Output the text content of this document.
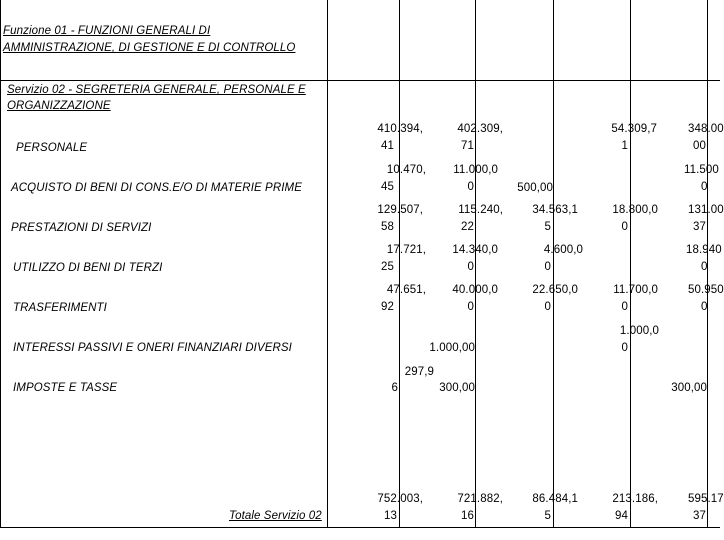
Funzione 01 - FUNZIONI GENERALI DI
AMMINISTRAZIONE, DI GESTIONE E DI CONTROLLO
Servizio 02 - SEGRETERIA GENERALE, PERSONALE E
ORGANIZZAZIONE
PERSONALE
ACQUISTO DI BENI DI CONS.E/O DI MATERIE PRIME
PRESTAZIONI DI SERVIZI
UTILIZZO DI BENI DI TERZI
TRASFERIMENTI
INTERESSI PASSIVI E ONERI FINANZIARI DIVERSI
IMPOSTE E TASSE
Totale Servizio 02
410.394,
41
10.470,
45
129.507,
58
17.721,
25
47.651,
92
297,9
6
752.003,
13
402.309,
71
11.000,0
0
115.240,
22
14.340,0
0
40.000,0
0
1.000,00
300,00
721.882,
16
500,00
34.563,1
5
4.600,0
0
22.650,0
0
86.484,1
5
54.309,7
1
18.800,0
0
11.700,0
0
1.000,0
0
213.186,
94
348.00
00
11.500
0
131.00
37
18.940
0
50.950
0
300,00
595.17
37
